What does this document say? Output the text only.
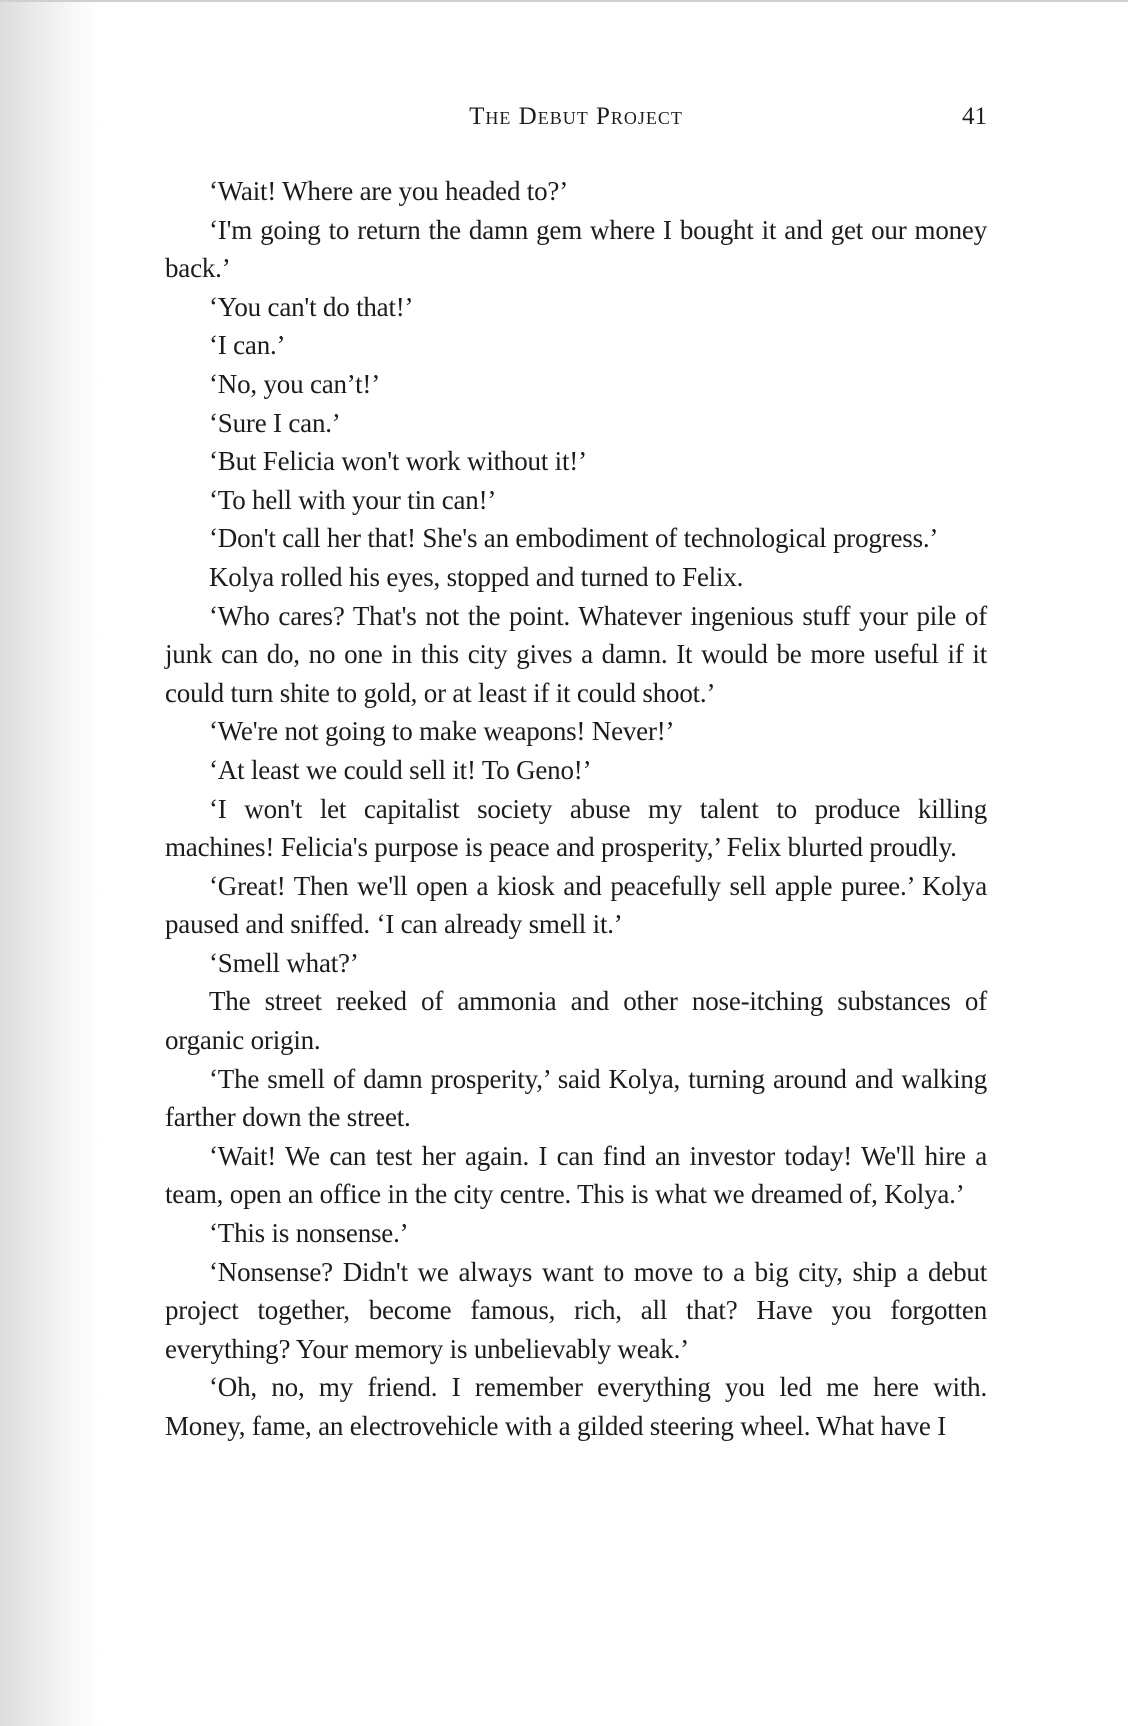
The Debut Project	41

‘Wait! Where are you headed to?’

‘I'm going to return the damn gem where I bought it and get our money back.’

‘You can't do that!’

‘I can.’

‘No, you can’t!’

‘Sure I can.’

‘But Felicia won't work without it!’

‘To hell with your tin can!’

‘Don't call her that! She's an embodiment of technological progress.’

Kolya rolled his eyes, stopped and turned to Felix.

‘Who cares? That's not the point. Whatever ingenious stuff your pile of junk can do, no one in this city gives a damn. It would be more useful if it could turn shite to gold, or at least if it could shoot.’

‘We're not going to make weapons! Never!’

‘At least we could sell it! To Geno!’

‘I won't let capitalist society abuse my talent to produce killing machines! Felicia's purpose is peace and prosperity,’ Felix blurted proudly.

‘Great! Then we'll open a kiosk and peacefully sell apple puree.’ Kolya paused and sniffed. ‘I can already smell it.’

‘Smell what?’

The street reeked of ammonia and other nose-itching substances of organic origin.

‘The smell of damn prosperity,’ said Kolya, turning around and walking farther down the street.

‘Wait! We can test her again. I can find an investor today! We'll hire a team, open an office in the city centre. This is what we dreamed of, Kolya.’

‘This is nonsense.’

‘Nonsense? Didn't we always want to move to a big city, ship a debut project together, become famous, rich, all that? Have you forgotten everything? Your memory is unbelievably weak.’

‘Oh, no, my friend. I remember everything you led me here with. Money, fame, an electrovehicle with a gilded steering wheel. What have I
